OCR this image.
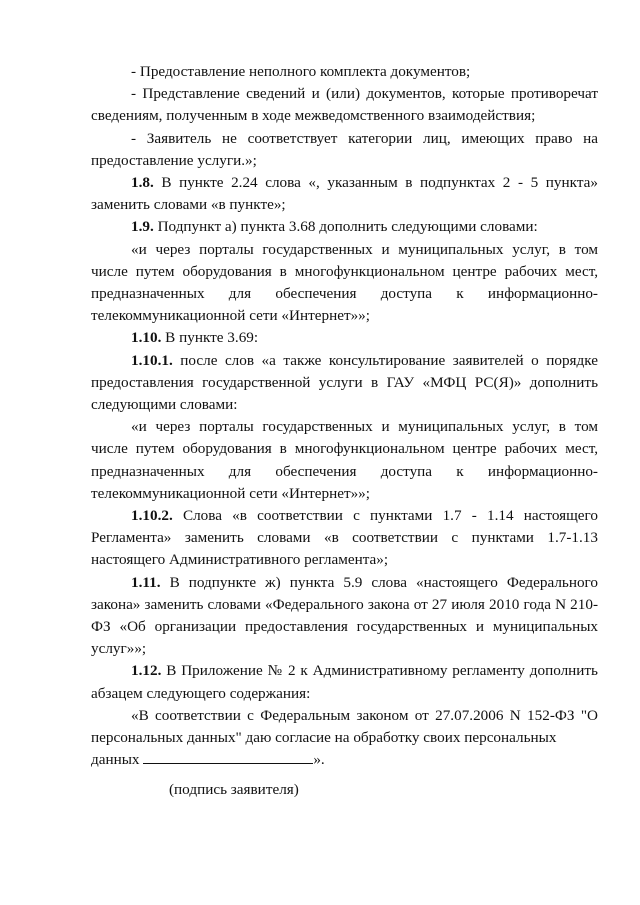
- Предоставление неполного комплекта документов;

- Представление сведений и (или) документов, которые противоречат сведениям, полученным в ходе межведомственного взаимодействия;

- Заявитель не соответствует категории лиц, имеющих право на предоставление услуги.»;

1.8. В пункте 2.24 слова «, указанным в подпунктах 2 - 5 пункта» заменить словами «в пункте»;

1.9. Подпункт а) пункта 3.68 дополнить следующими словами:

«и через порталы государственных и муниципальных услуг, в том числе путем оборудования в многофункциональном центре рабочих мест, предназначенных для обеспечения доступа к информационно-телекоммуникационной сети «Интернет»»;

1.10. В пункте 3.69:

1.10.1. после слов «а также консультирование заявителей о порядке предоставления государственной услуги в ГАУ «МФЦ РС(Я)» дополнить следующими словами:

«и через порталы государственных и муниципальных услуг, в том числе путем оборудования в многофункциональном центре рабочих мест, предназначенных для обеспечения доступа к информационно-телекоммуникационной сети «Интернет»»;

1.10.2. Слова «в соответствии с пунктами 1.7 - 1.14 настоящего Регламента» заменить словами «в соответствии с пунктами 1.7-1.13 настоящего Административного регламента»;

1.11. В подпункте ж) пункта 5.9 слова «настоящего Федерального закона» заменить словами «Федерального закона от 27 июля 2010 года N 210-ФЗ «Об организации предоставления государственных и муниципальных услуг»»;

1.12. В Приложение № 2 к Административному регламенту дополнить абзацем следующего содержания:

«В соответствии с Федеральным законом от 27.07.2006 N 152-ФЗ "О персональных данных" даю согласие на обработку своих персональных

данных	».

(подпись заявителя)
